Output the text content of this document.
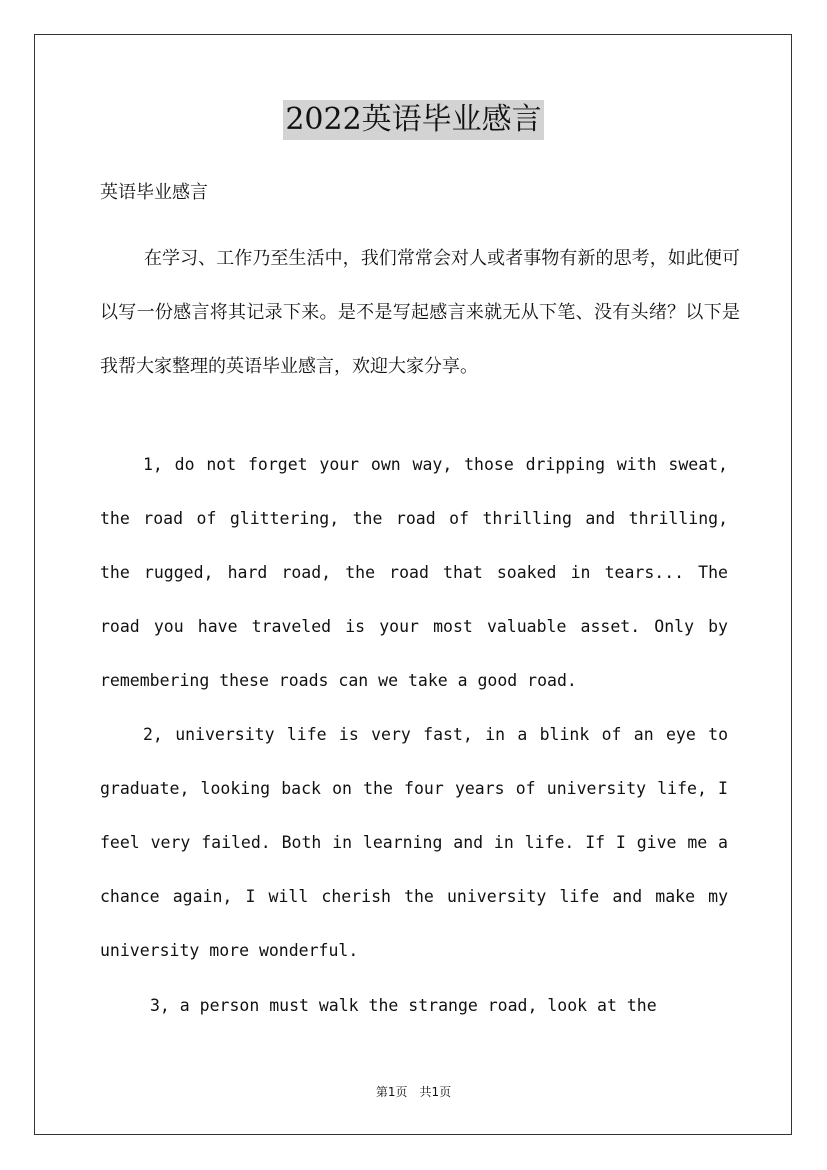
2022英语毕业感言
英语毕业感言

在学习、工作乃至生活中，我们常常会对人或者事物有新的思考，如此便可以写一份感言将其记录下来。是不是写起感言来就无从下笔、没有头绪？以下是我帮大家整理的英语毕业感言，欢迎大家分享。

1, do not forget your own way, those dripping with sweat, the road of glittering, the road of thrilling and thrilling, the rugged, hard road, the road that soaked in tears... The road you have traveled is your most valuable asset. Only by remembering these roads can we take a good road.

2, university life is very fast, in a blink of an eye to graduate, looking back on the four years of university life, I feel very failed. Both in learning and in life. If I give me a chance again, I will cherish the university life and make my university more wonderful.

3, a person must walk the strange road, look at the

第1页 共1页
